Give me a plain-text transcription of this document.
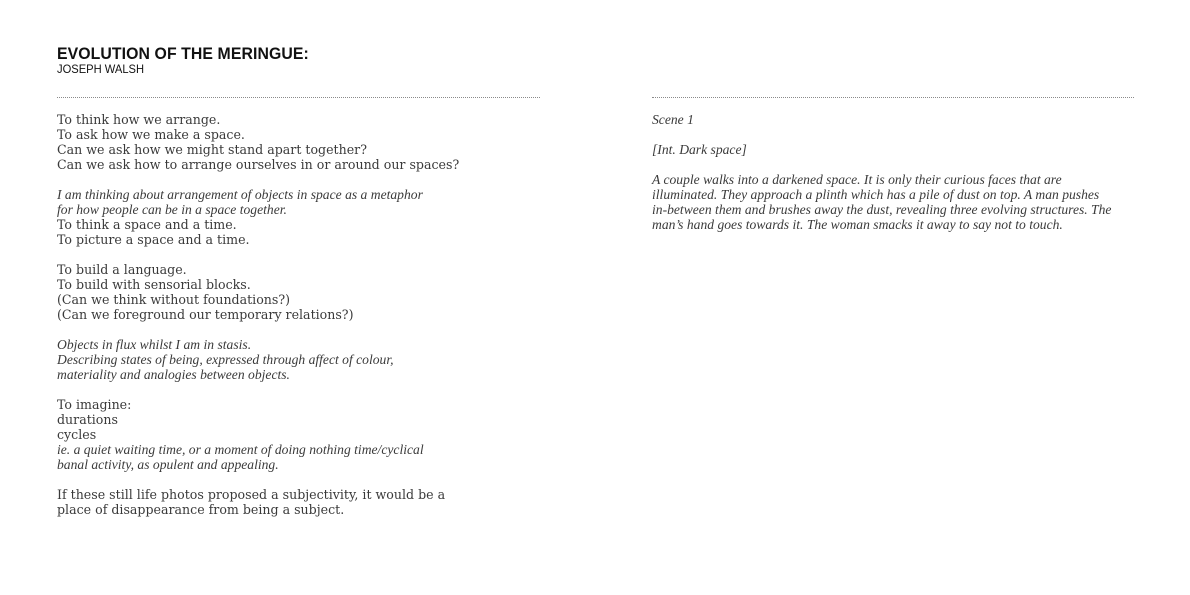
EVOLUTION OF THE MERINGUE:
JOSEPH WALSH
To think how we arrange.
To ask how we make a space.
Can we ask how we might stand apart together?
Can we ask how to arrange ourselves in or around our spaces?
I am thinking about arrangement of objects in space as a metaphor
for how people can be in a space together.
To think a space and a time.
To picture a space and a time.
To build a language.
To build with sensorial blocks.
(Can we think without foundations?)
(Can we foreground our temporary relations?)
Objects in flux whilst I am in stasis.
Describing states of being, expressed through affect of colour,
materiality and analogies between objects.
To imagine:
durations
cycles
ie. a quiet waiting time, or a moment of doing nothing time/cyclical
banal activity, as opulent and appealing.
If these still life photos proposed a subjectivity, it would be a
place of disappearance from being a subject.
Scene 1
[Int. Dark space]
A couple walks into a darkened space. It is only their curious faces that are
illuminated. They approach a plinth which has a pile of dust on top. A man pushes
in-between them and brushes away the dust, revealing three evolving structures. The
man’s hand goes towards it. The woman smacks it away to say not to touch.
